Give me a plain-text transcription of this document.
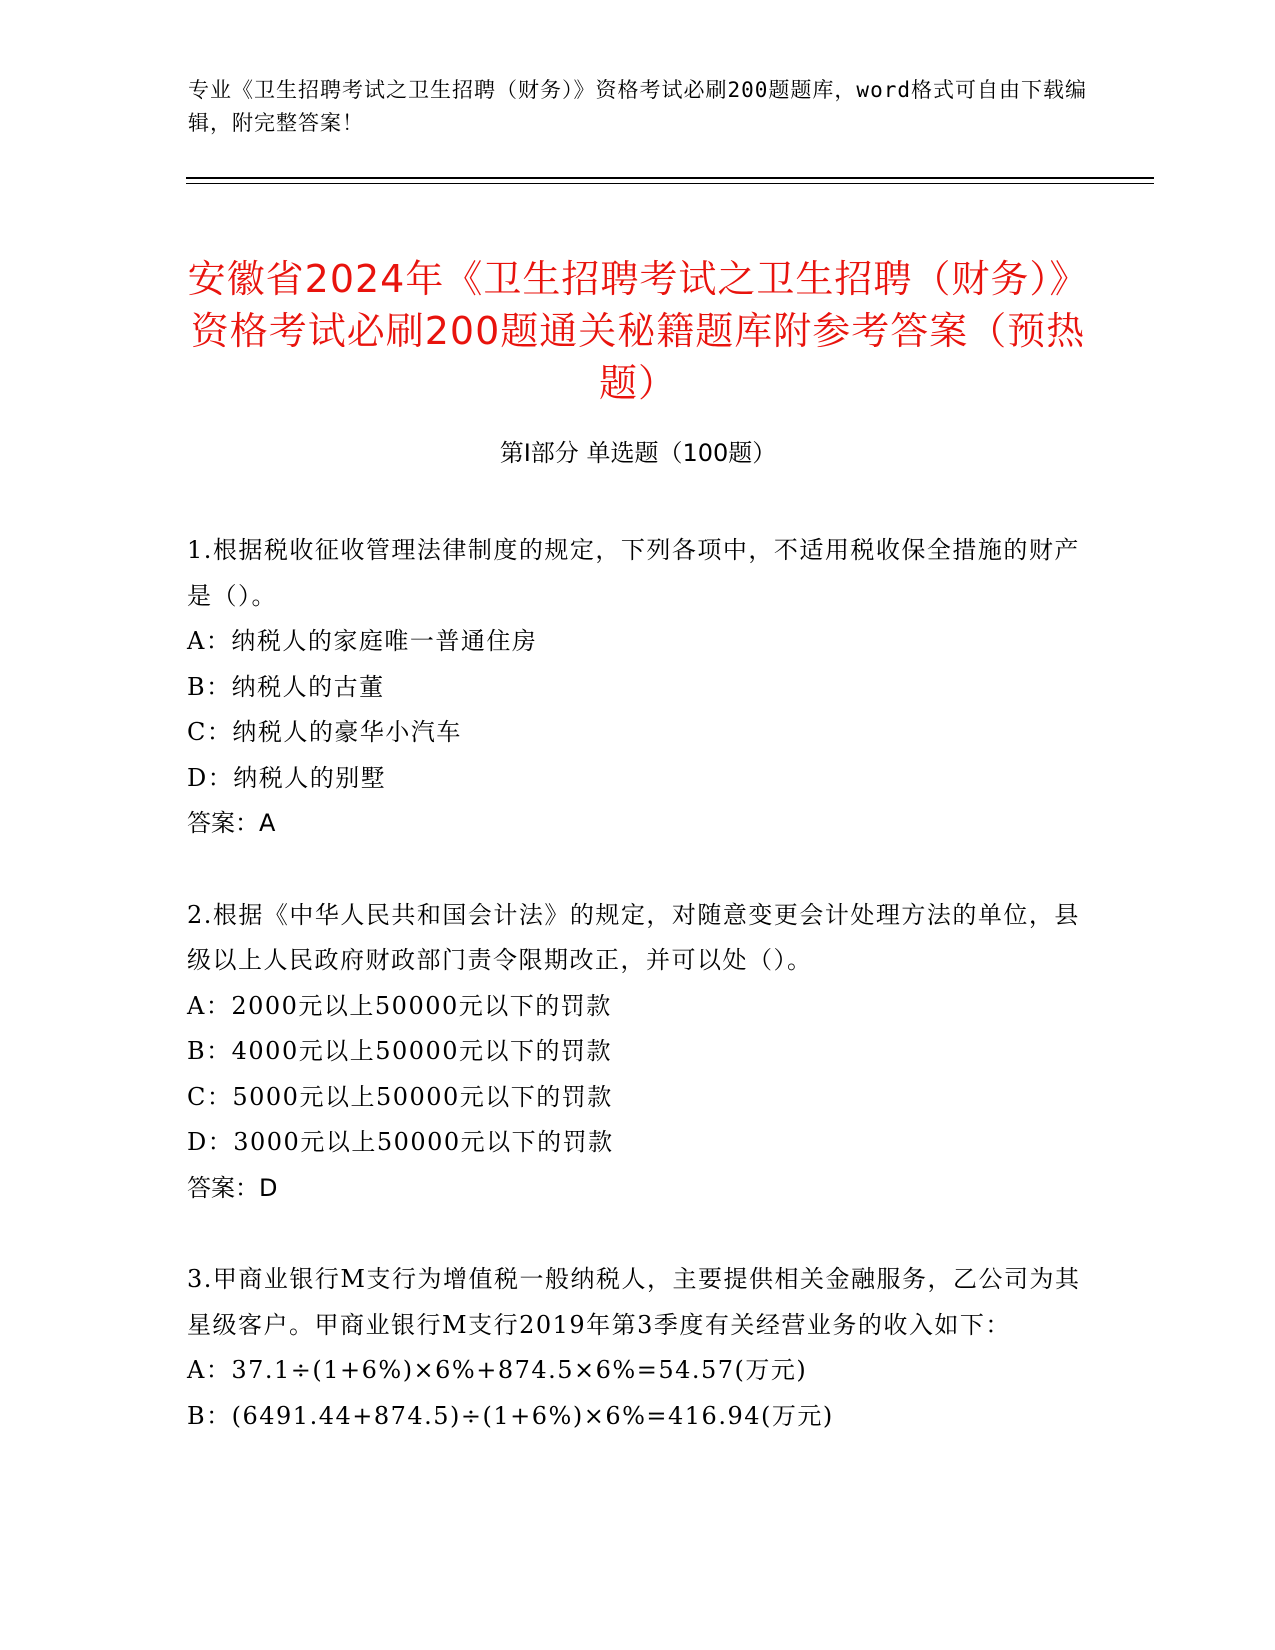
专业《卫生招聘考试之卫生招聘（财务）》资格考试必刷200题题库，word格式可自由下载编辑，附完整答案！
安徽省2024年《卫生招聘考试之卫生招聘（财务）》资格考试必刷200题通关秘籍题库附参考答案（预热题）
第I部分 单选题（100题）

1.根据税收征收管理法律制度的规定，下列各项中，不适用税收保全措施的财产是（）。

A：纳税人的家庭唯一普通住房

B：纳税人的古董

C：纳税人的豪华小汽车

D：纳税人的别墅

答案：A

2.根据《中华人民共和国会计法》的规定，对随意变更会计处理方法的单位，县级以上人民政府财政部门责令限期改正，并可以处（）。

A：2000元以上50000元以下的罚款

B：4000元以上50000元以下的罚款

C：5000元以上50000元以下的罚款

D：3000元以上50000元以下的罚款

答案：D

3.甲商业银行M支行为增值税一般纳税人，主要提供相关金融服务，乙公司为其星级客户。甲商业银行M支行2019年第3季度有关经营业务的收入如下：

A：37.1÷(1+6%)×6%+874.5×6%=54.57(万元)

B：(6491.44+874.5)÷(1+6%)×6%=416.94(万元)
